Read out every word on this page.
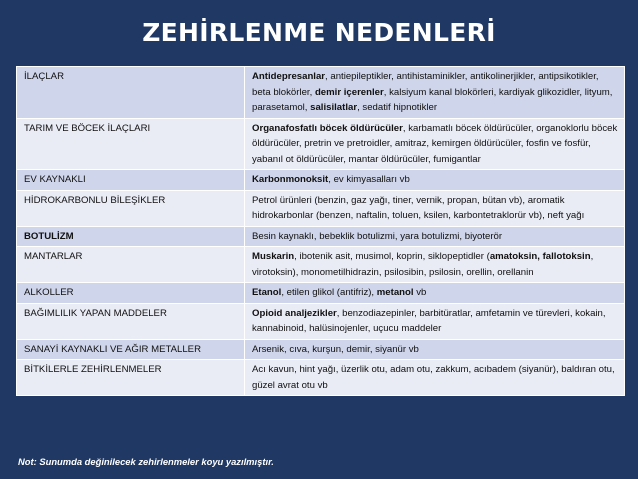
ZEHİRLENME NEDENLERİ
İLAÇLAR	Antidepresanlar, antiepileptikler, antihistaminikler, antikolinerjikler, antipsikotikler, beta blokörler, demir içerenler, kalsiyum kanal blokörleri, kardiyak glikozidler, lityum, parasetamol, salisilatlar, sedatif hipnotikler
TARIM VE BÖCEK İLAÇLARI	Organafosfatlı böcek öldürücüler, karbamatlı böcek öldürücüler, organoklorlu böcek öldürücüler, pretrin ve pretroidler, amitraz, kemirgen öldürücüler, fosfin ve fosfür, yabanıl ot öldürücüler, mantar öldürücüler, fumigantlar
EV KAYNAKLI	Karbonmonoksit, ev kimyasalları vb
HİDROKARBONLU BİLEŞİKLER	Petrol ürünleri (benzin, gaz yağı, tiner, vernik, propan, bütan vb), aromatik hidrokarbonlar (benzen, naftalin, toluen, ksilen, karbontetraklorür vb), neft yağı
BOTULİZM	Besin kaynaklı, bebeklik botulizmi, yara botulizmi, biyoterör
MANTARLAR	Muskarin, ibotenik asit, musimol, koprin, siklopeptidler (amatoksin, fallotoksin, virotoksin), monometilhidrazin, psilosibin, psilosin, orellin, orellanin
ALKOLLER	Etanol, etilen glikol (antifriz), metanol vb
BAĞIMLILIK YAPAN MADDELER	Opioid analjezikler, benzodiazepinler, barbitüratlar, amfetamin ve türevleri, kokain, kannabinoid, halüsinojenler, uçucu maddeler
SANAYİ KAYNAKLI VE AĞIR METALLER	Arsenik, cıva, kurşun, demir, siyanür vb
BİTKİLERLE ZEHİRLENMELER	Acı kavun, hint yağı, üzerlik otu, adam otu, zakkum, acıbadem (siyanür), baldıran otu, güzel avrat otu vb
Not: Sunumda değinilecek zehirlenmeler koyu yazılmıştır.
